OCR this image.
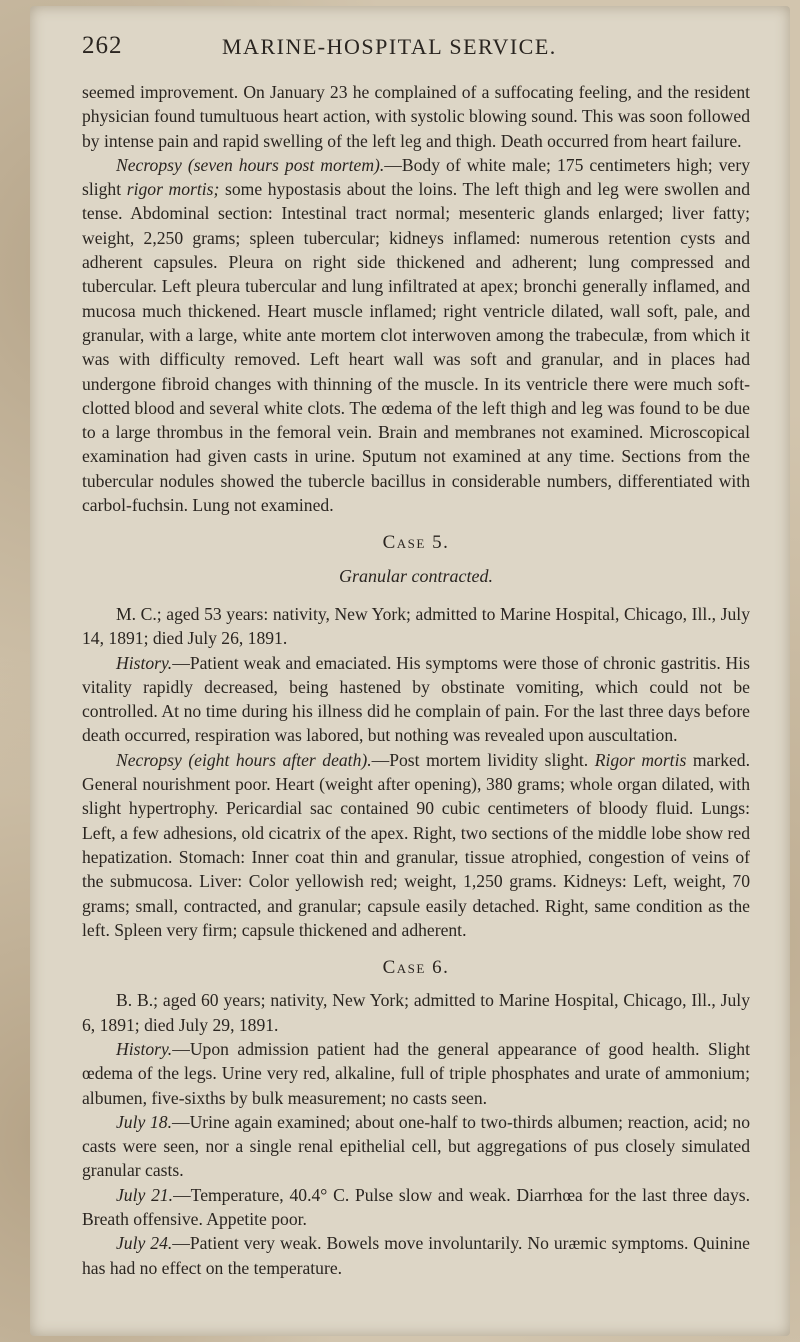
262	MARINE-HOSPITAL SERVICE.

seemed improvement. On January 23 he complained of a suffocating feeling, and the resident physician found tumultuous heart action, with systolic blowing sound. This was soon followed by intense pain and rapid swelling of the left leg and thigh. Death occurred from heart failure.

Necropsy (seven hours post mortem).—Body of white male; 175 centimeters high; very slight rigor mortis; some hypostasis about the loins. The left thigh and leg were swollen and tense. Abdominal section: Intestinal tract normal; mesenteric glands enlarged; liver fatty; weight, 2,250 grams; spleen tubercular; kidneys inflamed: numerous retention cysts and adherent capsules. Pleura on right side thickened and adherent; lung compressed and tubercular. Left pleura tubercular and lung infiltrated at apex; bronchi generally inflamed, and mucosa much thickened. Heart muscle inflamed; right ventricle dilated, wall soft, pale, and granular, with a large, white ante mortem clot interwoven among the trabeculæ, from which it was with difficulty removed. Left heart wall was soft and granular, and in places had undergone fibroid changes with thinning of the muscle. In its ventricle there were much soft-clotted blood and several white clots. The œdema of the left thigh and leg was found to be due to a large thrombus in the femoral vein. Brain and membranes not examined. Microscopical examination had given casts in urine. Sputum not examined at any time. Sections from the tubercular nodules showed the tubercle bacillus in considerable numbers, differentiated with carbol-fuchsin. Lung not examined.

Case 5.
Granular contracted.

M. C.; aged 53 years: nativity, New York; admitted to Marine Hospital, Chicago, Ill., July 14, 1891; died July 26, 1891.

History.—Patient weak and emaciated. His symptoms were those of chronic gastritis. His vitality rapidly decreased, being hastened by obstinate vomiting, which could not be controlled. At no time during his illness did he complain of pain. For the last three days before death occurred, respiration was labored, but nothing was revealed upon auscultation.

Necropsy (eight hours after death).—Post mortem lividity slight. Rigor mortis marked. General nourishment poor. Heart (weight after opening), 380 grams; whole organ dilated, with slight hypertrophy. Pericardial sac contained 90 cubic centimeters of bloody fluid. Lungs: Left, a few adhesions, old cicatrix of the apex. Right, two sections of the middle lobe show red hepatization. Stomach: Inner coat thin and granular, tissue atrophied, congestion of veins of the submucosa. Liver: Color yellowish red; weight, 1,250 grams. Kidneys: Left, weight, 70 grams; small, contracted, and granular; capsule easily detached. Right, same condition as the left. Spleen very firm; capsule thickened and adherent.

Case 6.

B. B.; aged 60 years; nativity, New York; admitted to Marine Hospital, Chicago, Ill., July 6, 1891; died July 29, 1891.

History.—Upon admission patient had the general appearance of good health. Slight œdema of the legs. Urine very red, alkaline, full of triple phosphates and urate of ammonium; albumen, five-sixths by bulk measurement; no casts seen.

July 18.—Urine again examined; about one-half to two-thirds albumen; reaction, acid; no casts were seen, nor a single renal epithelial cell, but aggregations of pus closely simulated granular casts.

July 21.—Temperature, 40.4° C. Pulse slow and weak. Diarrhœa for the last three days. Breath offensive. Appetite poor.

July 24.—Patient very weak. Bowels move involuntarily. No uræmic symptoms. Quinine has had no effect on the temperature.
